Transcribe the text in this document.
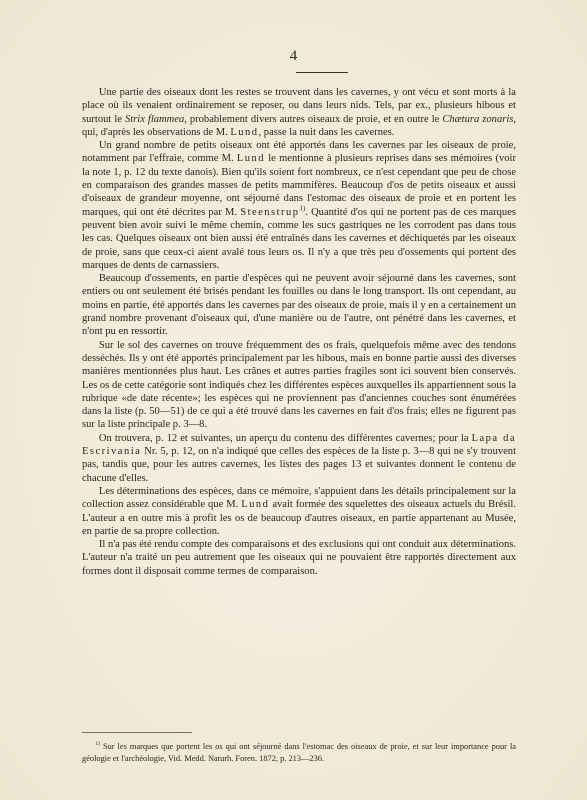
4

Une partie des oiseaux dont les restes se trouvent dans les cavernes, y ont vécu et sont morts à la place où ils venaient ordinairement se reposer, ou dans leurs nids. Tels, par ex., plusieurs hibous et surtout le Strix flammea, probablement divers autres oiseaux de proie, et en outre le Chætura zonaris, qui, d'après les observations de M. Lund, passe la nuit dans les cavernes.

Un grand nombre de petits oiseaux ont été apportés dans les cavernes par les oiseaux de proie, notamment par l'effraie, comme M. Lund le mentionne à plusieurs reprises dans ses mémoires (voir la note 1, p. 12 du texte danois). Bien qu'ils soient fort nombreux, ce n'est cependant que peu de chose en comparaison des grandes masses de petits mammifères. Beaucoup d'os de petits oiseaux et aussi d'oiseaux de grandeur moyenne, ont séjourné dans l'estomac des oiseaux de proie et en portent les marques, qui ont été décrites par M. Steenstrup$^{1)}$. Quantité d'os qui ne portent pas de ces marques peuvent bien avoir suivi le même chemin, comme les sucs gastriques ne les corrodent pas dans tous les cas. Quelques oiseaux ont bien aussi été entraînés dans les cavernes et déchiquetés par les oiseaux de proie, sans que ceux-ci aient avalé tous leurs os. Il n'y a que très peu d'ossements qui portent des marques de dents de carnassiers.

Beaucoup d'ossements, en partie d'espèces qui ne peuvent avoir séjourné dans les cavernes, sont entiers ou ont seulement été brisés pendant les fouilles ou dans le long transport. Ils ont cependant, au moins en partie, été apportés dans les cavernes par des oiseaux de proie, mais il y en a certainement un grand nombre provenant d'oiseaux qui, d'une manière ou de l'autre, ont pénétré dans les cavernes, et n'ont pu en ressortir.

Sur le sol des cavernes on trouve fréquemment des os frais, quelquefois même avec des tendons desséchés. Ils y ont été apportés principalement par les hibous, mais en bonne partie aussi des diverses manières mentionnées plus haut. Les crânes et autres parties fragiles sont ici souvent bien conservés. Les os de cette catégorie sont indiqués chez les différentes espèces auxquelles ils appartiennent sous la rubrique «de date récente»; les espèces qui ne proviennent pas d'anciennes couches sont énumérées dans la liste (p. 50—51) de ce qui a été trouvé dans les cavernes en fait d'os frais; elles ne figurent pas sur la liste principale p. 3—8.

On trouvera, p. 12 et suivantes, un aperçu du contenu des différentes cavernes; pour la Lapa da Escrivania Nr. 5, p. 12, on n'a indiqué que celles des espèces de la liste p. 3—8 qui ne s'y trouvent pas, tandis que, pour les autres cavernes, les listes des pages 13 et suivantes donnent le contenu de chacune d'elles.

Les déterminations des espèces, dans ce mémoire, s'appuient dans les détails principalement sur la collection assez considérable que M. Lund avait formée des squelettes des oiseaux actuels du Brésil. L'auteur a en outre mis à profit les os de beaucoup d'autres oiseaux, en partie appartenant au Musée, en partie de sa propre collection.

Il n'a pas été rendu compte des comparaisons et des exclusions qui ont conduit aux déterminations. L'auteur n'a traité un peu autrement que les oiseaux qui ne pouvaient être rapportés directement aux formes dont il disposait comme termes de comparaison.

$^{1)}$ Sur les marques que portent les os qui ont séjourné dans l'estomac des oiseaux de proie, et sur leur importance pour la géologie et l'archéologie, Vid. Medd. Naturh. Foren. 1872, p. 213—236.
